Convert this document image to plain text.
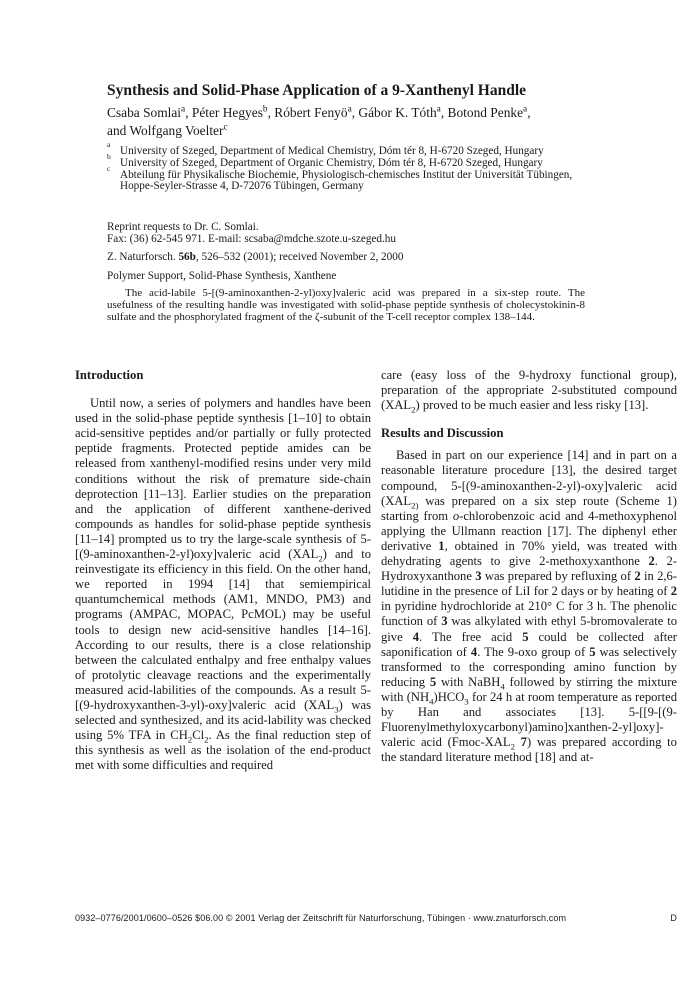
Synthesis and Solid-Phase Application of a 9-Xanthenyl Handle
Csaba Somlai$^a$, Péter Hegyes$^b$, Róbert Fenyö$^a$, Gábor K. Tóth$^a$, Botond Penke$^a$,
and Wolfgang Voelter$^c$
a
University of Szeged, Department of Medical Chemistry, Dóm tér 8, H-6720 Szeged, Hungary
b
University of Szeged, Department of Organic Chemistry, Dóm tér 8, H-6720 Szeged, Hungary
c
Abteilung für Physikalische Biochemie, Physiologisch-chemisches Institut der Universität Tübingen, Hoppe-Seyler-Strasse 4, D-72076 Tübingen, Germany
Reprint requests to Dr. C. Somlai.
Fax: (36) 62-545 971. E-mail: scsaba@mdche.szote.u-szeged.hu
Z. Naturforsch. 56b, 526–532 (2001); received November 2, 2000
Polymer Support, Solid-Phase Synthesis, Xanthene
The acid-labile 5-[(9-aminoxanthen-2-yl)oxy]valeric acid was prepared in a six-step route. The usefulness of the resulting handle was investigated with solid-phase peptide synthesis of cholecystokinin-8 sulfate and the phosphorylated fragment of the ζ-subunit of the T-cell receptor complex 138–144.

Introduction

Until now, a series of polymers and handles have been used in the solid-phase peptide synthesis [1–10] to obtain acid-sensitive peptides and/or partially or fully protected peptide fragments. Protected peptide amides can be released from xanthenyl-modified resins under very mild conditions without the risk of premature side-chain deprotection [11–13]. Earlier studies on the preparation and the application of different xanthene-derived compounds as handles for solid-phase peptide synthesis [11–14] prompted us to try the large-scale synthesis of 5-[(9-aminoxanthen-2-yl)oxy]valeric acid $(XAL_2)$ and to reinvestigate its efficiency in this field. On the other hand, we reported in 1994 [14] that semiempirical quantumchemical methods (AM1, MNDO, PM3) and programs (AMPAC, MOPAC, PcMOL) may be useful tools to design new acid-sensitive handles [14–16]. According to our results, there is a close relationship between the calculated enthalpy and free enthalpy values of protolytic cleavage reactions and the experimentally measured acid-labilities of the compounds. As a result 5-[(9-hydroxyxanthen-3-yl)-oxy]valeric acid $(XAL_3)$ was selected and synthesized, and its acid-lability was checked using 5% TFA in $CH_2Cl_2$. As the final reduction step of this synthesis as well as the isolation of the end-product met with some difficulties and required

care (easy loss of the 9-hydroxy functional group), preparation of the appropriate 2-substituted compound $(XAL_2)$ proved to be much easier and less risky [13].

Results and Discussion

Based in part on our experience [14] and in part on a reasonable literature procedure [13], the desired target compound, 5-[(9-aminoxanthen-2-yl)-oxy]valeric acid ($XAL_{2)}$ was prepared on a six step route (Scheme 1) starting from o-chlorobenzoic acid and 4-methoxyphenol applying the Ullmann reaction [17]. The diphenyl ether derivative 1, obtained in 70% yield, was treated with dehydrating agents to give 2-methoxyxanthone 2. 2-Hydroxyxanthone 3 was prepared by refluxing of 2 in 2,6-lutidine in the presence of LiI for 2 days or by heating of 2 in pyridine hydrochloride at 210° C for 3 h. The phenolic function of 3 was alkylated with ethyl 5-bromovalerate to give 4. The free acid 5 could be collected after saponification of 4. The 9-oxo group of 5 was selectively transformed to the corresponding amino function by reducing 5 with NaBH$_4$ followed by stirring the mixture with $(NH_4)HCO_3$ for 24 h at room temperature as reported by Han and associates [13]. 5-[[9-[(9-Fluorenylmethyloxycarbonyl)amino]xanthen-2-yl]oxy]-valeric acid ($Fmoc-XAL_2$ 7) was prepared according to the standard literature method [18] and at-

0932–0776/2001/0600–0526 $06.00 © 2001 Verlag der Zeitschrift für Naturforschung, Tübingen · www.znaturforsch.com	D
